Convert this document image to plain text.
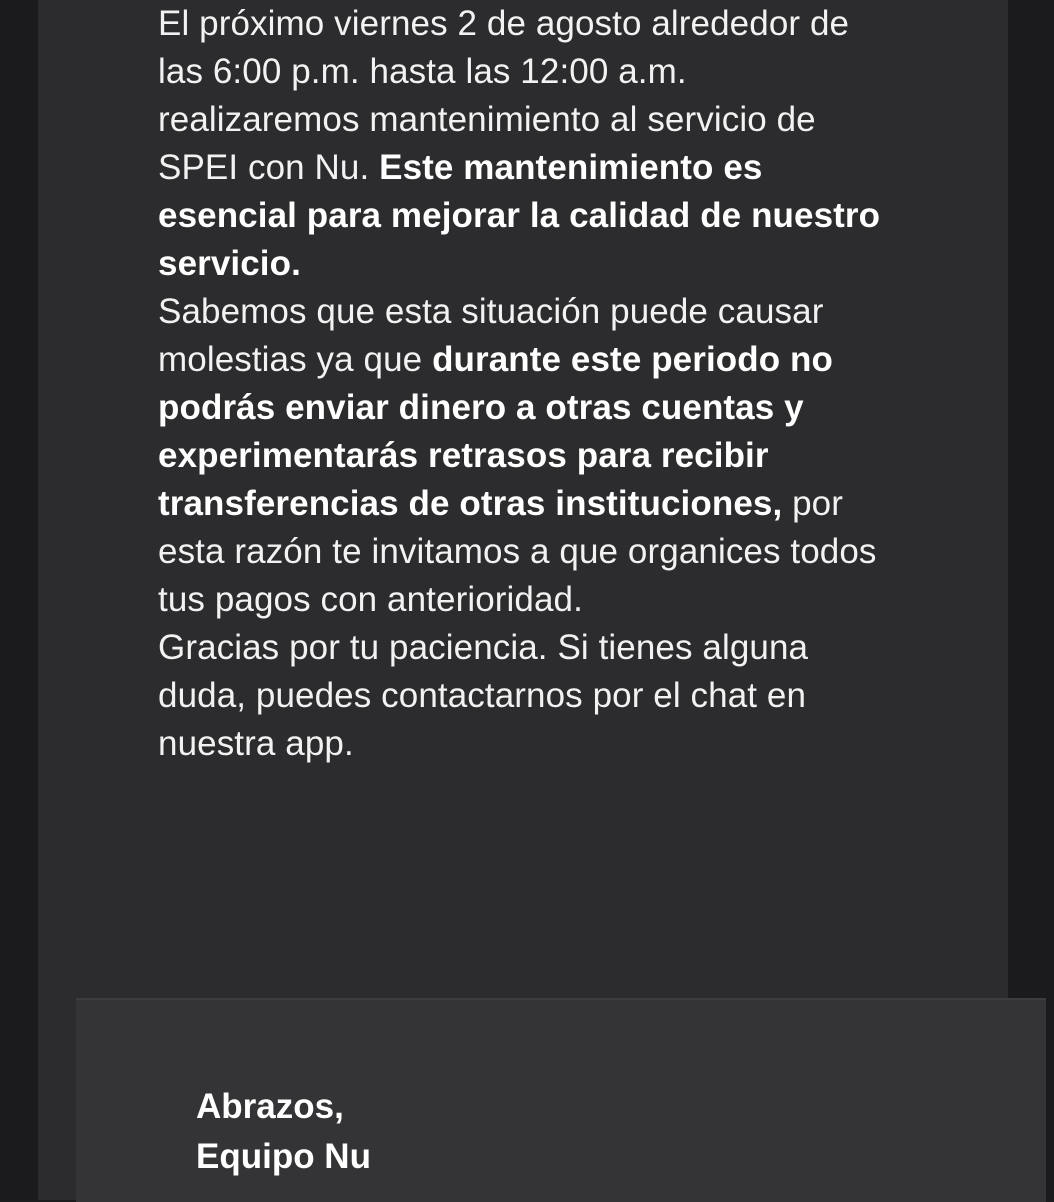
El próximo viernes 2 de agosto alrededor de las 6:00 p.m. hasta las 12:00 a.m. realizaremos mantenimiento al servicio de SPEI con Nu. Este mantenimiento es esencial para mejorar la calidad de nuestro servicio.

Sabemos que esta situación puede causar molestias ya que durante este periodo no podrás enviar dinero a otras cuentas y experimentarás retrasos para recibir transferencias de otras instituciones, por esta razón te invitamos a que organices todos tus pagos con anterioridad.

Gracias por tu paciencia. Si tienes alguna duda, puedes contactarnos por el chat en nuestra app.

Abrazos,
Equipo Nu
